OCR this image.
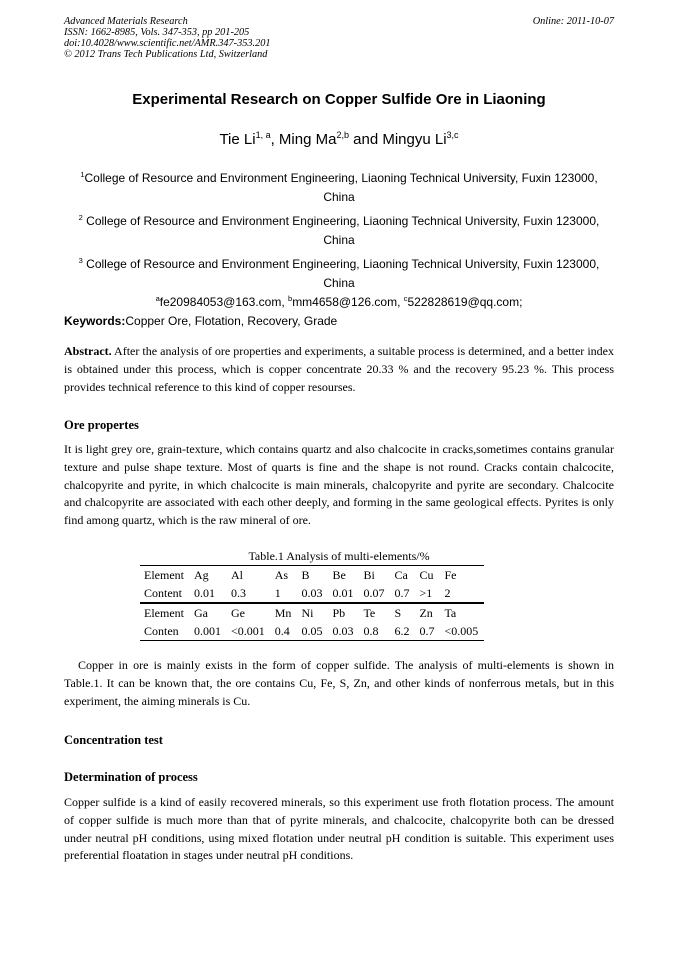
Advanced Materials Research
ISSN: 1662-8985, Vols. 347-353, pp 201-205
doi:10.4028/www.scientific.net/AMR.347-353.201
© 2012 Trans Tech Publications Ltd, Switzerland
Online: 2011-10-07
Experimental Research on Copper Sulfide Ore in Liaoning
Tie Li$^{1, a}$, Ming Ma$^{2,b}$ and Mingyu Li$^{3,c}$
$^1$College of Resource and Environment Engineering, Liaoning Technical University, Fuxin 123000,
China
$^2$ College of Resource and Environment Engineering, Liaoning Technical University, Fuxin 123000,
China
$^3$ College of Resource and Environment Engineering, Liaoning Technical University, Fuxin 123000,
China
$^a$fe20984053@163.com, $^b$mm4658@126.com, $^c$522828619@qq.com;
Keywords:Copper Ore, Flotation, Recovery, Grade
Abstract. After the analysis of ore properties and experiments, a suitable process is determined, and a better index is obtained under this process, which is copper concentrate 20.33 % and the recovery 95.23 %. This process provides technical reference to this kind of copper resourses.
Ore propertes
It is light grey ore, grain-texture, which contains quartz and also chalcocite in cracks,sometimes contains granular texture and pulse shape texture. Most of quarts is fine and the shape is not round. Cracks contain chalcocite, chalcopyrite and pyrite, in which chalcocite is main minerals, chalcopyrite and pyrite are secondary. Chalcocite and chalcopyrite are associated with each other deeply, and forming in the same geological effects. Pyrites is only find among quartz, which is the raw mineral of ore.
Table.1 Analysis of multi-elements/%
Element	Ag	Al	As	B	Be	Bi	Ca	Cu	Fe
Content	0.01	0.3	1	0.03	0.01	0.07	0.7	>1	2
Element	Ga	Ge	Mn	Ni	Pb	Te	S	Zn	Ta
Conten	0.001	<0.001	0.4	0.05	0.03	0.8	6.2	0.7	<0.005
Copper in ore is mainly exists in the form of copper sulfide. The analysis of multi-elements is shown in Table.1. It can be known that, the ore contains Cu, Fe, S, Zn, and other kinds of nonferrous metals, but in this experiment, the aiming minerals is Cu.
Concentration test
Determination of process
Copper sulfide is a kind of easily recovered minerals, so this experiment use froth flotation process. The amount of copper sulfide is much more than that of pyrite minerals, and chalcocite, chalcopyrite both can be dressed under neutral pH conditions, using mixed flotation under neutral pH condition is suitable. This experiment uses preferential floatation in stages under neutral pH conditions.
